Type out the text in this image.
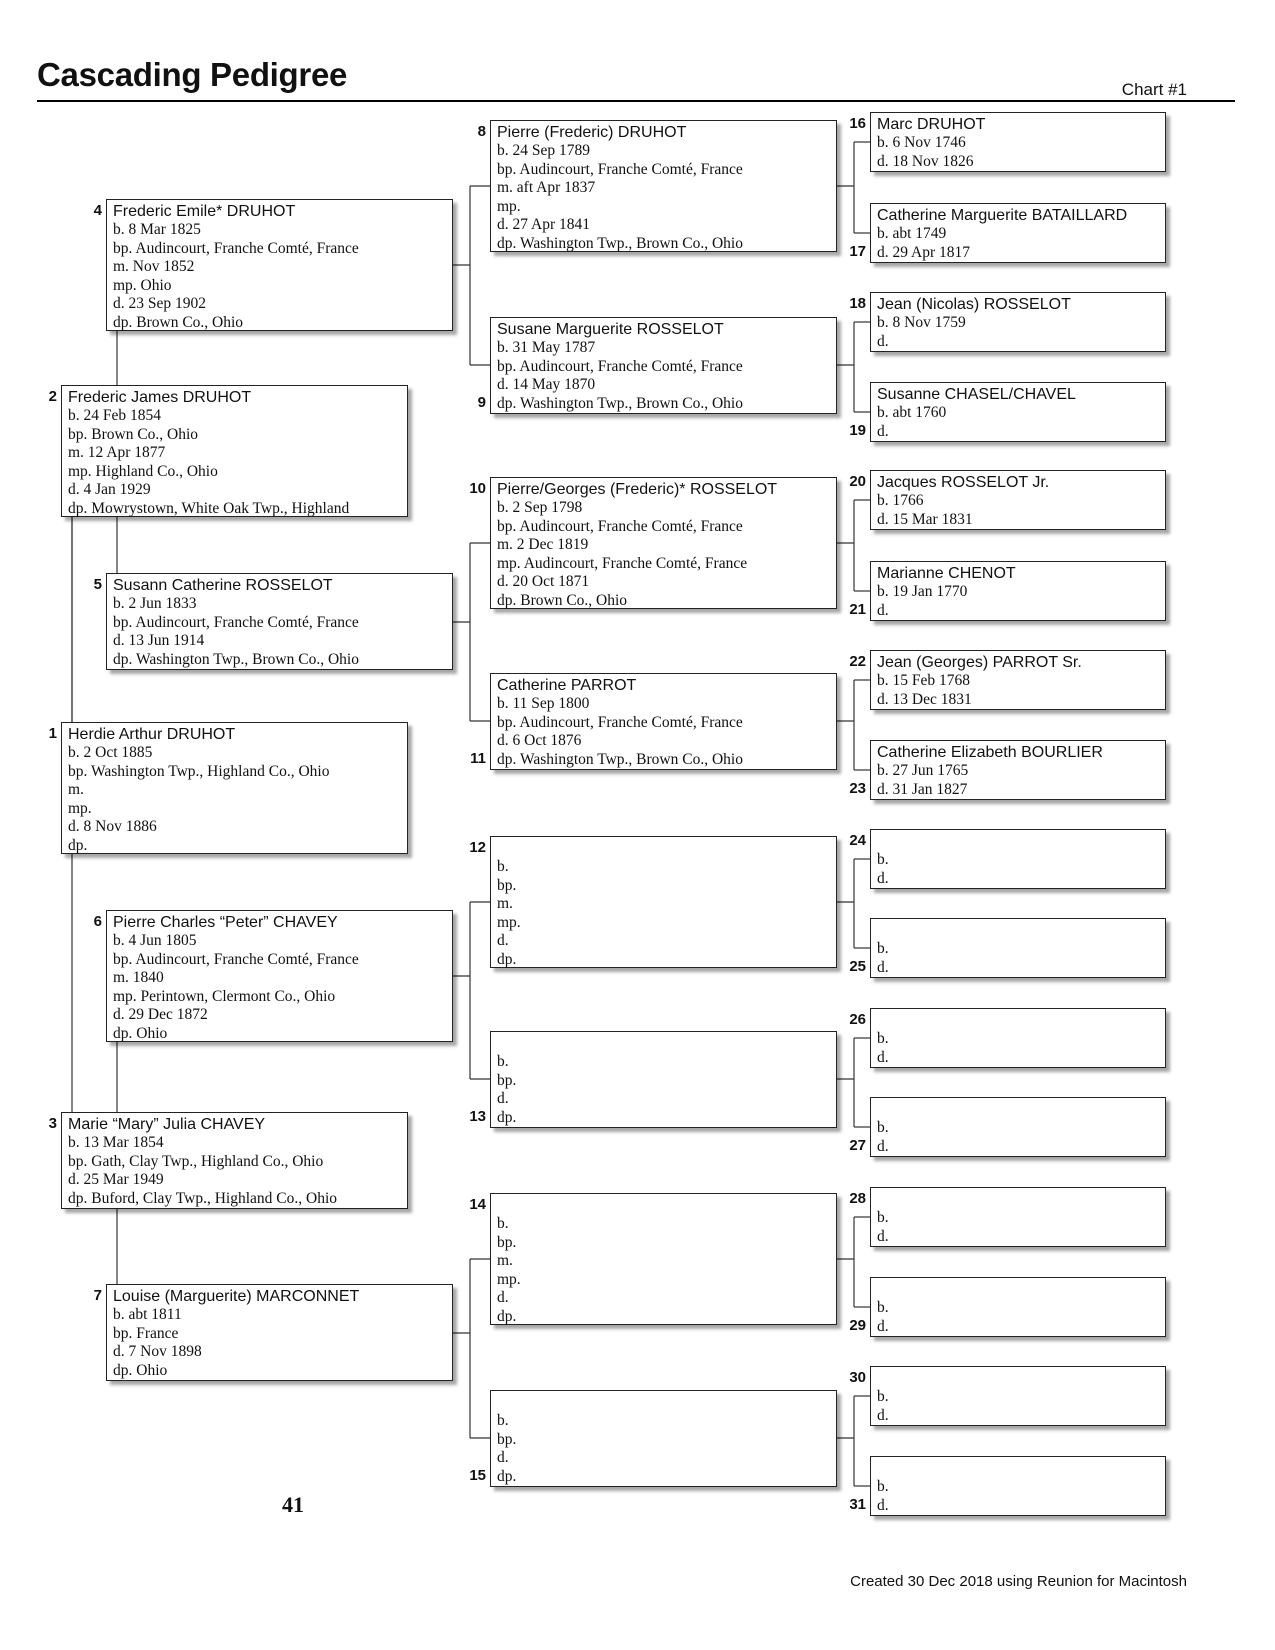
Cascading Pedigree	Chart #1
Herdie Arthur DRUHOT
b. 2 Oct 1885
bp. Washington Twp., Highland Co., Ohio
m.
mp.
d. 8 Nov 1886
dp.
1
Frederic James DRUHOT
b. 24 Feb 1854
bp. Brown Co., Ohio
m. 12 Apr 1877
mp. Highland Co., Ohio
d. 4 Jan 1929
dp. Mowrystown, White Oak Twp., Highland
2
Marie “Mary” Julia CHAVEY
b. 13 Mar 1854
bp. Gath, Clay Twp., Highland Co., Ohio
d. 25 Mar 1949
dp. Buford, Clay Twp., Highland Co., Ohio
3
Frederic Emile* DRUHOT
b. 8 Mar 1825
bp. Audincourt, Franche Comté, France
m. Nov 1852
mp. Ohio
d. 23 Sep 1902
dp. Brown Co., Ohio
4
Susann Catherine ROSSELOT
b. 2 Jun 1833
bp. Audincourt, Franche Comté, France
d. 13 Jun 1914
dp. Washington Twp., Brown Co., Ohio
5
Pierre Charles “Peter” CHAVEY
b. 4 Jun 1805
bp. Audincourt, Franche Comté, France
m. 1840
mp. Perintown, Clermont Co., Ohio
d. 29 Dec 1872
dp. Ohio
6
Louise (Marguerite) MARCONNET
b. abt 1811
bp. France
d. 7 Nov 1898
dp. Ohio
7
Pierre (Frederic) DRUHOT
b. 24 Sep 1789
bp. Audincourt, Franche Comté, France
m. aft Apr 1837
mp.
d. 27 Apr 1841
dp. Washington Twp., Brown Co., Ohio
8
Susane Marguerite ROSSELOT
b. 31 May 1787
bp. Audincourt, Franche Comté, France
d. 14 May 1870
dp. Washington Twp., Brown Co., Ohio
9
Pierre/Georges (Frederic)* ROSSELOT
b. 2 Sep 1798
bp. Audincourt, Franche Comté, France
m. 2 Dec 1819
mp. Audincourt, Franche Comté, France
d. 20 Oct 1871
dp. Brown Co., Ohio
10
Catherine PARROT
b. 11 Sep 1800
bp. Audincourt, Franche Comté, France
d. 6 Oct 1876
dp. Washington Twp., Brown Co., Ohio
11
b.
bp.
m.
mp.
d.
dp.
12
b.
bp.
d.
dp.
13
b.
bp.
m.
mp.
d.
dp.
14
b.
bp.
d.
dp.
15
Marc DRUHOT
b. 6 Nov 1746
d. 18 Nov 1826
16
Catherine Marguerite BATAILLARD
b. abt 1749
d. 29 Apr 1817
17
Jean (Nicolas) ROSSELOT
b. 8 Nov 1759
d.
18
Susanne CHASEL/CHAVEL
b. abt 1760
d.
19
Jacques ROSSELOT Jr.
b. 1766
d. 15 Mar 1831
20
Marianne CHENOT
b. 19 Jan 1770
d.
21
Jean (Georges) PARROT Sr.
b. 15 Feb 1768
d. 13 Dec 1831
22
Catherine Elizabeth BOURLIER
b. 27 Jun 1765
d. 31 Jan 1827
23
b.
d.
24
b.
d.
25
b.
d.
26
b.
d.
27
b.
d.
28
b.
d.
29
b.
d.
30
b.
d.
31
41
Created 30 Dec 2018 using Reunion for Macintosh
